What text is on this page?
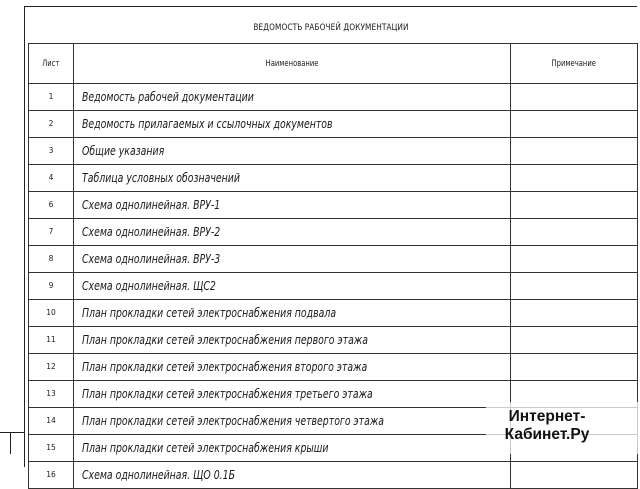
ВЕДОМОСТЬ РАБОЧЕЙ ДОКУМЕНТАЦИИ
Лист	Наименование	Примечание
1	Ведомость рабочей документации	
2	Ведомость прилагаемых и ссылочных документов	
3	Общие указания	
4	Таблица условных обозначений	
6	Схема однолинейная. ВРУ-1	
7	Схема однолинейная. ВРУ-2	
8	Схема однолинейная. ВРУ-3	
9	Схема однолинейная. ЩС2	
10	План прокладки сетей электроснабжения подвала	
11	План прокладки сетей электроснабжения первого этажа	
12	План прокладки сетей электроснабжения второго этажа	
13	План прокладки сетей электроснабжения третьего этажа	
14	План прокладки сетей электроснабжения четвертого этажа	
15	План прокладки сетей электроснабжения крыши	
16	Схема однолинейная. ЩО 0.1Б	
Интернет-
Кабинет.Ру
